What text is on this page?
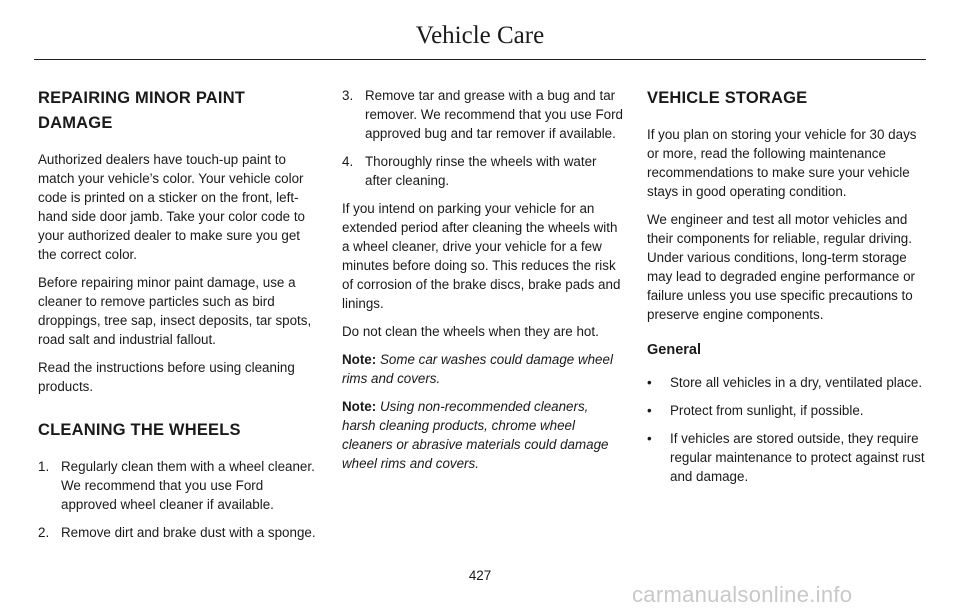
Vehicle Care
REPAIRING MINOR PAINT DAMAGE

Authorized dealers have touch-up paint to match your vehicle’s color. Your vehicle color code is printed on a sticker on the front, left-hand side door jamb. Take your color code to your authorized dealer to make sure you get the correct color.

Before repairing minor paint damage, use a cleaner to remove particles such as bird droppings, tree sap, insect deposits, tar spots, road salt and industrial fallout.

Read the instructions before using cleaning products.

CLEANING THE WHEELS
1. Regularly clean them with a wheel cleaner. We recommend that you use Ford approved wheel cleaner if available.
2. Remove dirt and brake dust with a sponge.
3. Remove tar and grease with a bug and tar remover. We recommend that you use Ford approved bug and tar remover if available.
4. Thoroughly rinse the wheels with water after cleaning.

If you intend on parking your vehicle for an extended period after cleaning the wheels with a wheel cleaner, drive your vehicle for a few minutes before doing so. This reduces the risk of corrosion of the brake discs, brake pads and linings.

Do not clean the wheels when they are hot.

Note: Some car washes could damage wheel rims and covers.

Note: Using non-recommended cleaners, harsh cleaning products, chrome wheel cleaners or abrasive materials could damage wheel rims and covers.

VEHICLE STORAGE

If you plan on storing your vehicle for 30 days or more, read the following maintenance recommendations to make sure your vehicle stays in good operating condition.

We engineer and test all motor vehicles and their components for reliable, regular driving. Under various conditions, long-term storage may lead to degraded engine performance or failure unless you use specific precautions to preserve engine components.

General
• Store all vehicles in a dry, ventilated place.
• Protect from sunlight, if possible.
• If vehicles are stored outside, they require regular maintenance to protect against rust and damage.
427
carmanualsonline.info
